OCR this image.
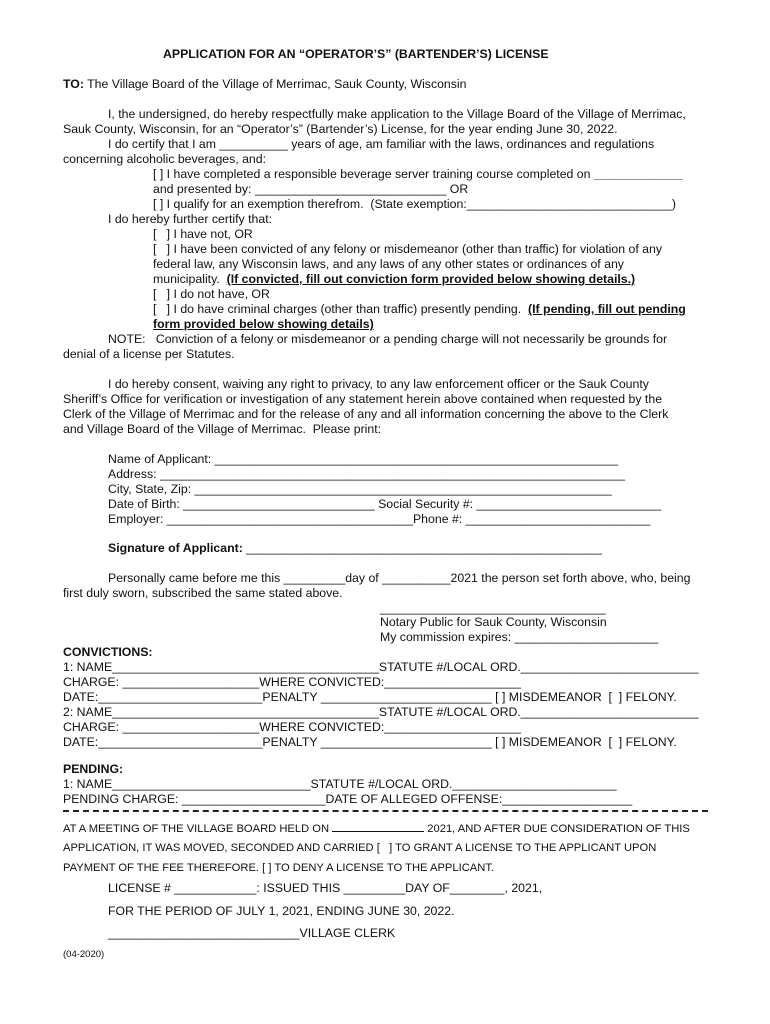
APPLICATION FOR AN “OPERATOR’S” (BARTENDER’S) LICENSE
TO: The Village Board of the Village of Merrimac, Sauk County, Wisconsin
I, the undersigned, do hereby respectfully make application to the Village Board of the Village of Merrimac,
Sauk County, Wisconsin, for an “Operator’s” (Bartender’s) License, for the year ending June 30, 2022.
I do certify that I am __________ years of age, am familiar with the laws, ordinances and regulations
concerning alcoholic beverages, and:
[ ] I have completed a responsible beverage server training course completed on _____________
and presented by: ____________________________ OR
[ ] I qualify for an exemption therefrom.  (State exemption:______________________________)
I do hereby further certify that:
[   ] I have not, OR
[   ] I have been convicted of any felony or misdemeanor (other than traffic) for violation of any
federal law, any Wisconsin laws, and any laws of any other states or ordinances of any
municipality. (If convicted, fill out conviction form provided below showing details.)
[   ] I do not have, OR
[   ] I do have criminal charges (other than traffic) presently pending. (If pending, fill out pending
form provided below showing details)
NOTE:   Conviction of a felony or misdemeanor or a pending charge will not necessarily be grounds for
denial of a license per Statutes.
I do hereby consent, waiving any right to privacy, to any law enforcement officer or the Sauk County
Sheriff’s Office for verification or investigation of any statement herein above contained when requested by the
Clerk of the Village of Merrimac and for the release of any and all information concerning the above to the Clerk
and Village Board of the Village of Merrimac.  Please print:
Name of Applicant: ___________________________________________________________
Address: ____________________________________________________________________
City, State, Zip: _____________________________________________________________
Date of Birth: ____________________________ Social Security #: ___________________________
Employer: ____________________________________Phone #: ___________________________
Signature of Applicant: ____________________________________________________
Personally came before me this _________day of __________2021 the person set forth above, who, being
first duly sworn, subscribed the same stated above.
_________________________________
Notary Public for Sauk County, Wisconsin
My commission expires: _____________________
CONVICTIONS:
1: NAME_______________________________________STATUTE #/LOCAL ORD.__________________________
CHARGE: ____________________WHERE CONVICTED:____________________
DATE:________________________PENALTY _________________________ [ ] MISDEMEANOR  [  ] FELONY.
2: NAME_______________________________________STATUTE #/LOCAL ORD.__________________________
CHARGE: ____________________WHERE CONVICTED:____________________
DATE:________________________PENALTY _________________________ [ ] MISDEMEANOR  [  ] FELONY.
PENDING:
1: NAME_____________________________STATUTE #/LOCAL ORD.________________________
PENDING CHARGE: _____________________DATE OF ALLEGED OFFENSE:___________________
AT A MEETING OF THE VILLAGE BOARD HELD ON	2021, AND AFTER DUE CONSIDERATION OF THIS
APPLICATION, IT WAS MOVED, SECONDED AND CARRIED [   ] TO GRANT A LICENSE TO THE APPLICANT UPON
PAYMENT OF THE FEE THEREFORE. [ ] TO DENY A LICENSE TO THE APPLICANT.
LICENSE # ____________: ISSUED THIS _________DAY OF________, 2021,
FOR THE PERIOD OF JULY 1, 2021, ENDING JUNE 30, 2022.
____________________________VILLAGE CLERK
(04-2020)
